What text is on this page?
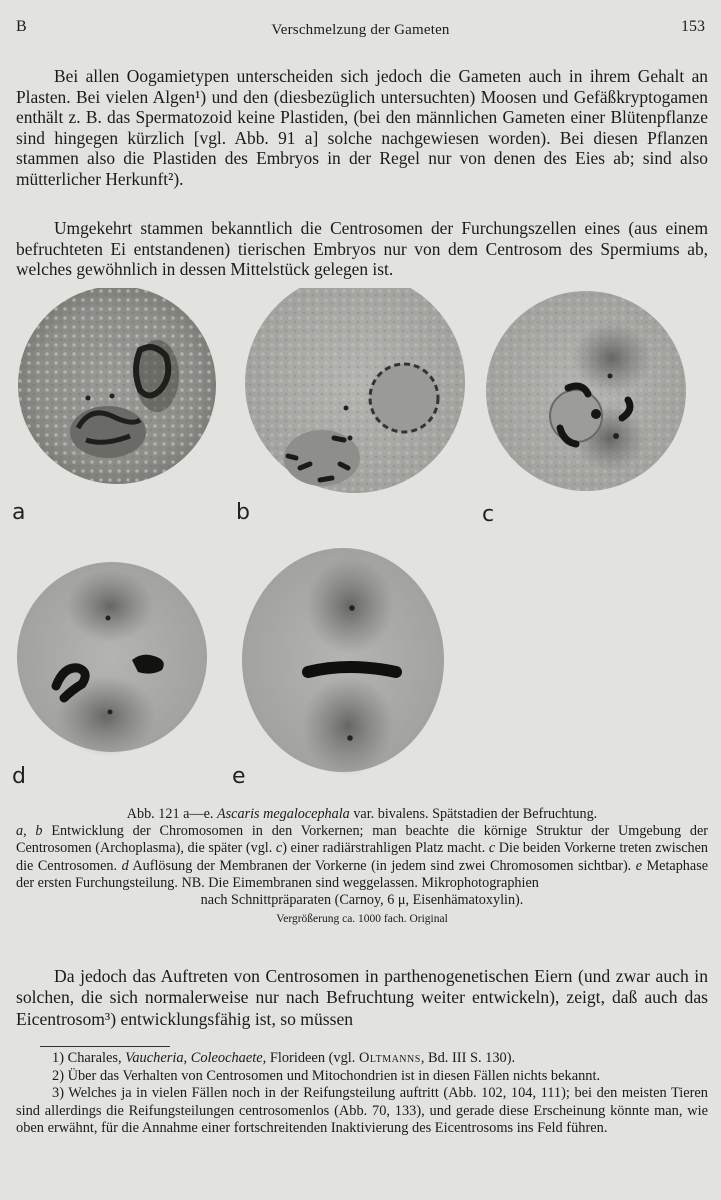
B	Verschmelzung der Gameten	153

Bei allen Oogamietypen unterscheiden sich jedoch die Gameten auch in ihrem Gehalt an Plasten. Bei vielen Algen¹) und den (diesbezüglich untersuchten) Moosen und Gefäßkryptogamen enthält z. B. das Spermatozoid keine Plastiden, (bei den männlichen Gameten einer Blütenpflanze sind hingegen kürzlich [vgl. Abb. 91 a] solche nachgewiesen worden). Bei diesen Pflanzen stammen also die Plastiden des Embryos in der Regel nur von denen des Eies ab; sind also mütterlicher Herkunft²).

Umgekehrt stammen bekanntlich die Centrosomen der Furchungszellen eines (aus einem befruchteten Ei entstandenen) tierischen Embryos nur von dem Centrosom des Spermiums ab, welches gewöhnlich in dessen Mittelstück gelegen ist.

a	b	c
d	e
Abb. 121 a—e. Ascaris megalocephala var. bivalens. Spätstadien der Befruchtung.
a, b Entwicklung der Chromosomen in den Vorkernen; man beachte die körnige Struktur der Umgebung der Centrosomen (Archoplasma), die später (vgl. c) einer radiärstrahligen Platz macht. c Die beiden Vorkerne treten zwischen die Centrosomen. d Auflösung der Membranen der Vorkerne (in jedem sind zwei Chromosomen sichtbar). e Metaphase der ersten Furchungsteilung. NB. Die Eimembranen sind weggelassen. Mikrophotographien
nach Schnittpräparaten (Carnoy, 6 μ, Eisenhämatoxylin).
Vergrößerung ca. 1000 fach. Original

Da jedoch das Auftreten von Centrosomen in parthenogenetischen Eiern (und zwar auch in solchen, die sich normalerweise nur nach Befruchtung weiter entwickeln), zeigt, daß auch das Eicentrosom³) entwicklungsfähig ist, so müssen

1) Charales, Vaucheria, Coleochaete, Florideen (vgl. Oltmanns, Bd. III S. 130).

2) Über das Verhalten von Centrosomen und Mitochondrien ist in diesen Fällen nichts bekannt.

3) Welches ja in vielen Fällen noch in der Reifungsteilung auftritt (Abb. 102, 104, 111); bei den meisten Tieren sind allerdings die Reifungsteilungen centrosomenlos (Abb. 70, 133), und gerade diese Erscheinung könnte man, wie oben erwähnt, für die Annahme einer fortschreitenden Inaktivierung des Eicentrosoms ins Feld führen.
